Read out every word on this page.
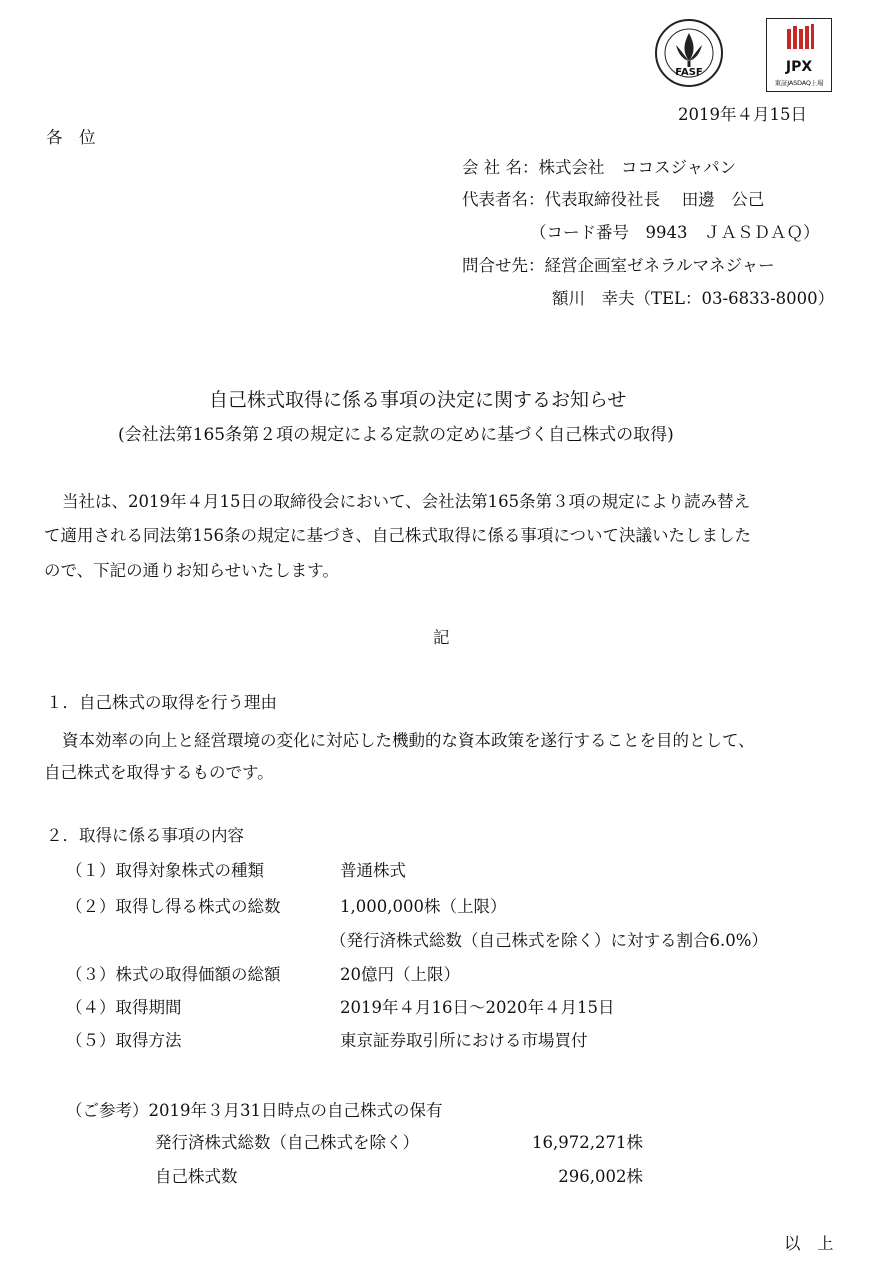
FASF	JPX
東証JASDAQ上場
2019年４月15日
各　位
会 社 名：株式会社　ココスジャパン
代表者名：代表取締役社長　 田邊　公己
（コード番号　9943　ＪＡＳＤＡＱ）
問合せ先：経営企画室ゼネラルマネジャー
額川　幸夫（TEL：03-6833-8000）
自己株式取得に係る事項の決定に関するお知らせ
(会社法第165条第２項の規定による定款の定めに基づく自己株式の取得)
当社は、2019年４月15日の取締役会において、会社法第165条第３項の規定により読み替え
て適用される同法第156条の規定に基づき、自己株式取得に係る事項について決議いたしました
ので、下記の通りお知らせいたします。
記
１．自己株式の取得を行う理由
資本効率の向上と経営環境の変化に対応した機動的な資本政策を遂行することを目的として、
自己株式を取得するものです。
２．取得に係る事項の内容
（１）取得対象株式の種類	普通株式
（２）取得し得る株式の総数	1,000,000株（上限）
（発行済株式総数（自己株式を除く）に対する割合6.0%）
（３）株式の取得価額の総額	20億円（上限）
（４）取得期間	2019年４月16日～2020年４月15日
（５）取得方法	東京証券取引所における市場買付
（ご参考）2019年３月31日時点の自己株式の保有
発行済株式総数（自己株式を除く）	16,972,271株
自己株式数	296,002株
以　上
